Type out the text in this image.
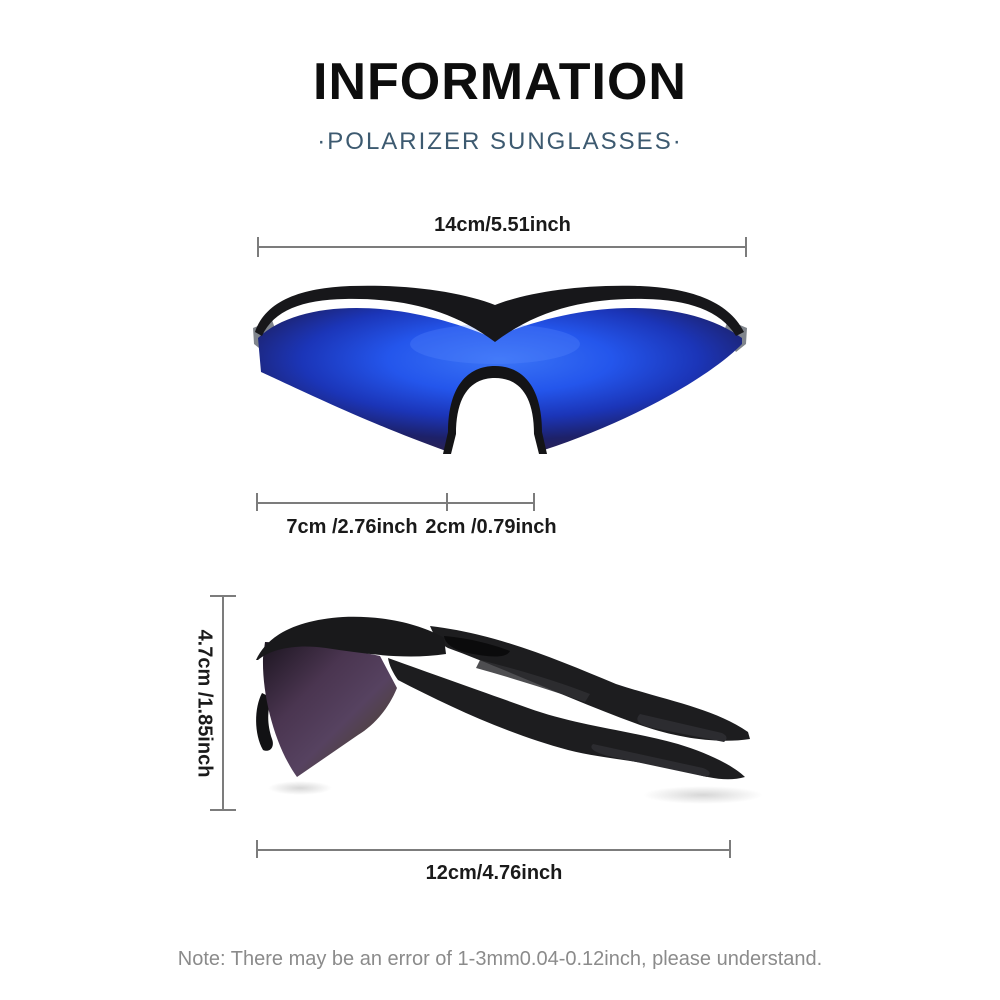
INFORMATION
·POLARIZER SUNGLASSES·
14cm/5.51inch
7cm /2.76inch 2cm /0.79inch
4.7cm /1.85inch
12cm/4.76inch
Note: There may be an error of 1-3mm0.04-0.12inch, please understand.
